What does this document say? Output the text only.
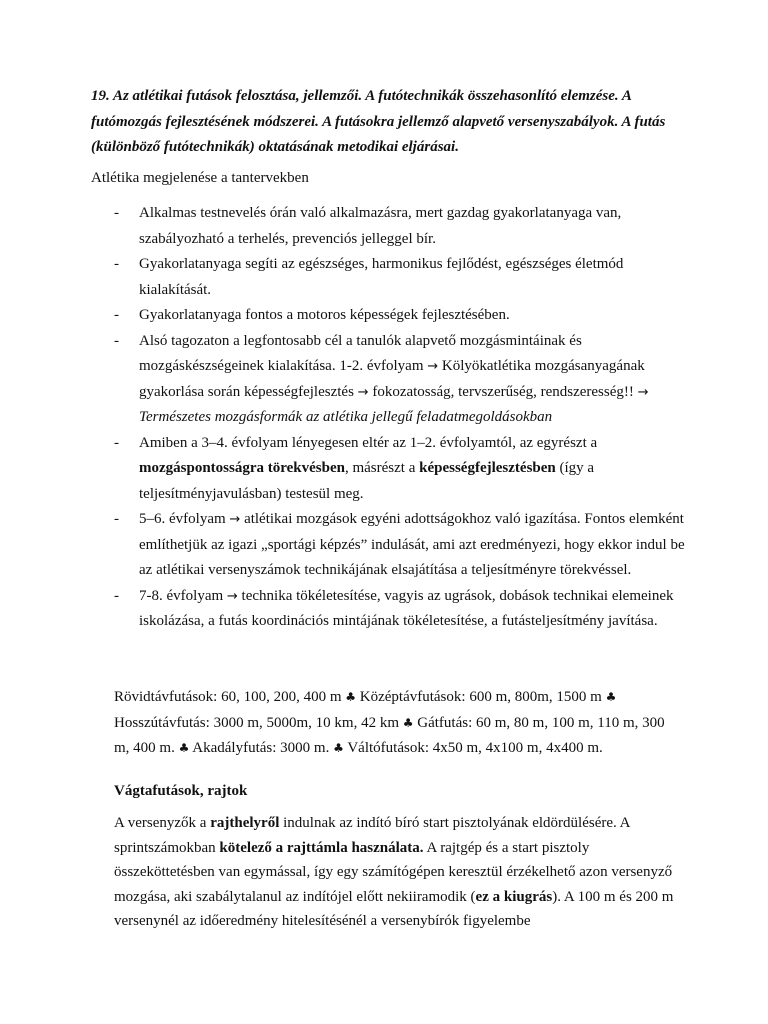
19. Az atlétikai futások felosztása, jellemzői. A futótechnikák összehasonlító elemzése. A futómozgás fejlesztésének módszerei. A futásokra jellemző alapvető versenyszabályok. A futás (különböző futótechnikák) oktatásának metodikai eljárásai.

Atlétika megjelenése a tantervekben

- Alkalmas testnevelés órán való alkalmazásra, mert gazdag gyakorlatanyaga van, szabályozható a terhelés, prevenciós jelleggel bír.
- Gyakorlatanyaga segíti az egészséges, harmonikus fejlődést, egészséges életmód kialakítását.
- Gyakorlatanyaga fontos a motoros képességek fejlesztésében.
- Alsó tagozaton a legfontosabb cél a tanulók alapvető mozgásmintáinak és mozgáskészségeinek kialakítása. 1-2. évfolyam → Kölyökatlétika mozgásanyagának gyakorlása során képességfejlesztés → fokozatosság, tervszerűség, rendszeresség!! → Természetes mozgásformák az atlétika jellegű feladatmegoldásokban
- Amiben a 3–4. évfolyam lényegesen eltér az 1–2. évfolyamtól, az egyrészt a mozgáspontosságra törekvésben, másrészt a képességfejlesztésben (így a teljesítményjavulásban) testesül meg.
- 5–6. évfolyam → atlétikai mozgások egyéni adottságokhoz való igazítása. Fontos elemként említhetjük az igazi „sportági képzés” indulását, ami azt eredményezi, hogy ekkor indul be az atlétikai versenyszámok technikájának elsajátítása a teljesítményre törekvéssel.
- 7-8. évfolyam → technika tökéletesítése, vagyis az ugrások, dobások technikai elemeinek iskolázása, a futás koordinációs mintájának tökéletesítése, a futásteljesítmény javítása.

Rövidtávfutások: 60, 100, 200, 400 m ♣ Középtávfutások: 600 m, 800m, 1500 m ♣ Hosszútávfutás: 3000 m, 5000m, 10 km, 42 km ♣ Gátfutás: 60 m, 80 m, 100 m, 110 m, 300 m, 400 m. ♣ Akadályfutás: 3000 m. ♣ Váltófutások: 4x50 m, 4x100 m, 4x400 m.

Vágtafutások, rajtok

A versenyzők a rajthelyről indulnak az indító bíró start pisztolyának eldördülésére. A sprintszámokban kötelező a rajttámla használata. A rajtgép és a start pisztoly összeköttetésben van egymással, így egy számítógépen keresztül érzékelhető azon versenyző mozgása, aki szabálytalanul az indítójel előtt nekiiramodik (ez a kiugrás). A 100 m és 200 m versenynél az időeredmény hitelesítésénél a versenybírók figyelembe
